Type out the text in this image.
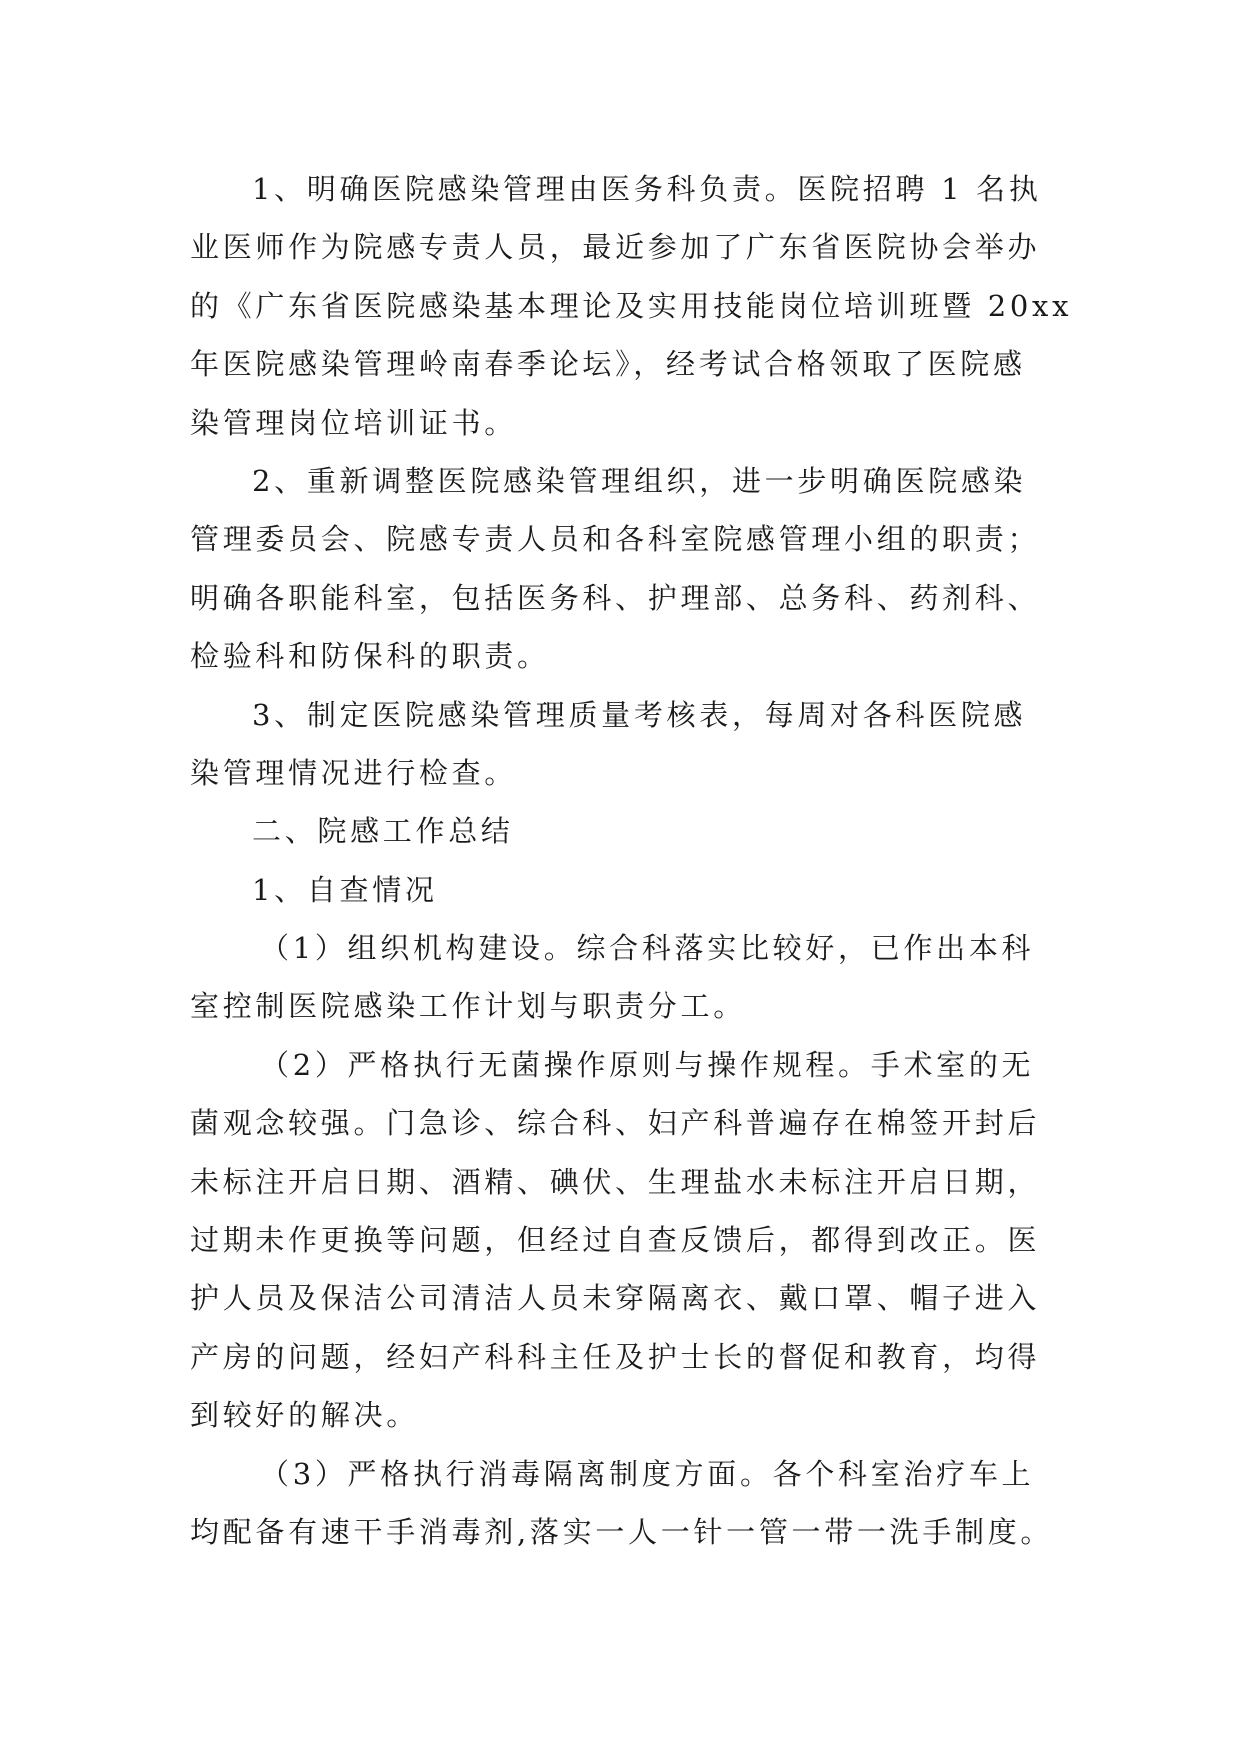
1、明确医院感染管理由医务科负责。医院招聘 1 名执
业医师作为院感专责人员，最近参加了广东省医院协会举办
的《广东省医院感染基本理论及实用技能岗位培训班暨 20xx
年医院感染管理岭南春季论坛》，经考试合格领取了医院感
染管理岗位培训证书。
2、重新调整医院感染管理组织，进一步明确医院感染
管理委员会、院感专责人员和各科室院感管理小组的职责；
明确各职能科室，包括医务科、护理部、总务科、药剂科、
检验科和防保科的职责。
3、制定医院感染管理质量考核表，每周对各科医院感
染管理情况进行检查。
二、院感工作总结
1、自查情况
（1）组织机构建设。综合科落实比较好，已作出本科
室控制医院感染工作计划与职责分工。
（2）严格执行无菌操作原则与操作规程。手术室的无
菌观念较强。门急诊、综合科、妇产科普遍存在棉签开封后
未标注开启日期、酒精、碘伏、生理盐水未标注开启日期，
过期未作更换等问题，但经过自查反馈后，都得到改正。医
护人员及保洁公司清洁人员未穿隔离衣、戴口罩、帽子进入
产房的问题，经妇产科科主任及护士长的督促和教育，均得
到较好的解决。
（3）严格执行消毒隔离制度方面。各个科室治疗车上
均配备有速干手消毒剂,落实一人一针一管一带一洗手制度。
